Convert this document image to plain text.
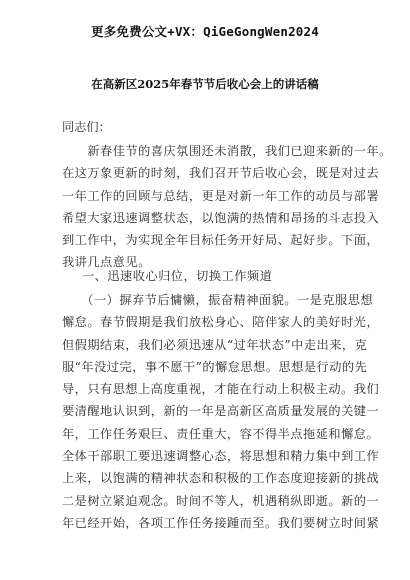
更多免费公文+VX：QiGeGongWen2024
在高新区2025年春节节后收心会上的讲话稿
同志们：
　　新春佳节的喜庆氛围还未消散，我们已迎来新的一年。
在这万象更新的时刻，我们召开节后收心会，既是对过去
一年工作的回顾与总结，更是对新一年工作的动员与部署
希望大家迅速调整状态，以饱满的热情和昂扬的斗志投入
到工作中，为实现全年目标任务开好局、起好步。下面，
我讲几点意见。
一、迅速收心归位，切换工作频道
　　（一）摒弃节后慵懒，振奋精神面貌。一是克服思想
懈怠。春节假期是我们放松身心、陪伴家人的美好时光，
但假期结束，我们必须迅速从“过年状态”中走出来，克
服“年没过完，事不愿干”的懈怠思想。思想是行动的先
导，只有思想上高度重视，才能在行动上积极主动。我们
要清醒地认识到，新的一年是高新区高质量发展的关键一
年，工作任务艰巨、责任重大，容不得半点拖延和懈怠。
全体干部职工要迅速调整心态，将思想和精力集中到工作
上来，以饱满的精神状态和积极的工作态度迎接新的挑战
二是树立紧迫观念。时间不等人，机遇稍纵即逝。新的一
年已经开始，各项工作任务接踵而至。我们要树立时间紧
